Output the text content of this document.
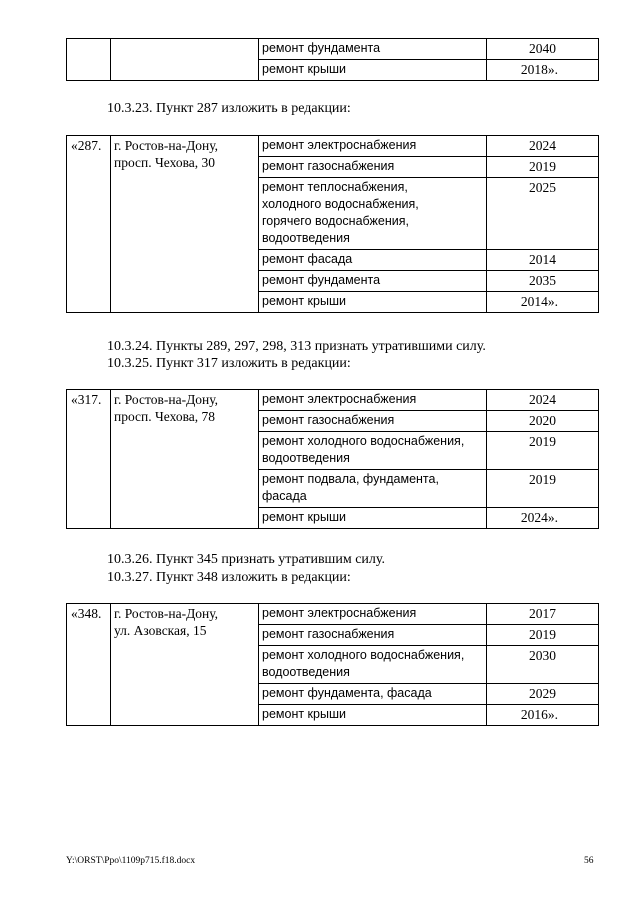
		ремонт фундамента	2040
		ремонт крыши	2018».
10.3.23. Пункт 287 изложить в редакции:
«287.	г. Ростов-на-Дону,
просп. Чехова, 30	ремонт электроснабжения	2024
		ремонт газоснабжения	2019

		ремонт теплоснабжения,
холодного водоснабжения,
горячего водоснабжения,
водоотведения	2025
		ремонт фасада	2014
		ремонт фундамента	2035
		ремонт крыши	2014».
10.3.24. Пункты 289, 297, 298, 313 признать утратившими силу.
10.3.25. Пункт 317 изложить в редакции:
«317.	г. Ростов-на-Дону,
просп. Чехова, 78	ремонт электроснабжения	2024
		ремонт газоснабжения	2020

		ремонт холодного водоснабжения,
водоотведения	2019

		ремонт подвала, фундамента,
фасада	2019
		ремонт крыши	2024».
10.3.26. Пункт 345 признать утратившим силу.
10.3.27. Пункт 348 изложить в редакции:
«348.	г. Ростов-на-Дону,
ул. Азовская, 15	ремонт электроснабжения	2017
		ремонт газоснабжения	2019

		ремонт холодного водоснабжения,
водоотведения	2030
		ремонт фундамента, фасада	2029
		ремонт крыши	2016».
Y:\ORST\Ppo\1109p715.f18.docx	56
